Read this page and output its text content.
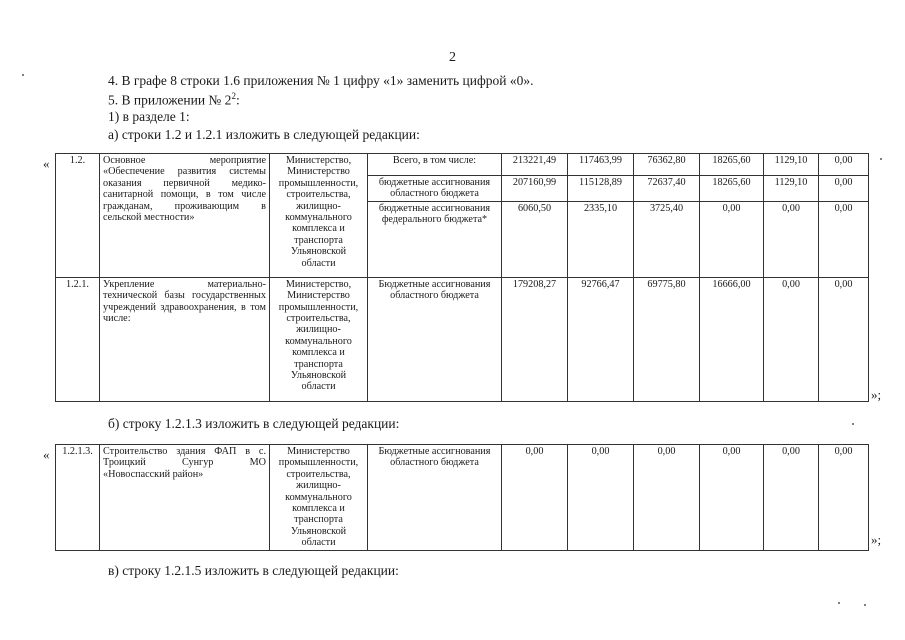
2
4. В графе 8 строки 1.6 приложения № 1 цифру «1» заменить цифрой «0».
5. В приложении № $2^2$:
1) в разделе 1:
а) строки 1.2 и 1.2.1 изложить в следующей редакции:
« 1.2.	Основное мероприятие «Обеспечение развития системы оказания первичной медико-санитарной помощи, в том числе гражданам, проживающим в сельской местности»	Министерство, Министерство промышленности, строительства, жилищно-коммунального комплекса и транспорта Ульяновской области	Всего, в том числе:	213221,49	117463,99	76362,80	18265,60	1129,10	0,00
			бюджетные ассигнования областного бюджета	207160,99	115128,89	72637,40	18265,60	1129,10	0,00
			бюджетные ассигнования федерального бюджета*	6060,50	2335,10	3725,40	0,00	0,00	0,00
1.2.1.	Укрепление материально-технической базы государственных учреждений здравоохранения, в том числе:	Министерство, Министерство промышленности, строительства, жилищно-коммунального комплекса и транспорта Ульяновской области	Бюджетные ассигнования областного бюджета	179208,27	92766,47	69775,80	16666,00	0,00	0,00
»;
б) строку 1.2.1.3 изложить в следующей редакции:
« 1.2.1.3.	Строительство здания ФАП в с. Троицкий Сунгур МО «Новоспасский район»	Министерство промышленности, строительства, жилищно-коммунального комплекса и транспорта Ульяновской области	Бюджетные ассигнования областного бюджета	0,00	0,00	0,00	0,00	0,00	0,00
»;
в) строку 1.2.1.5 изложить в следующей редакции:
